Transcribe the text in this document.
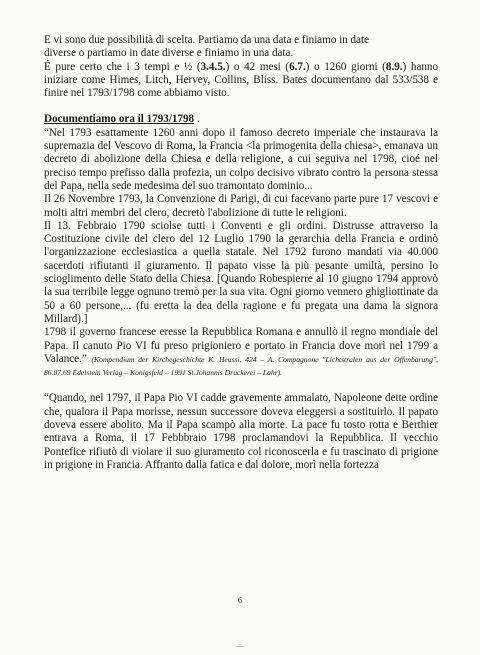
E vi sono due possibilità di scelta. Partiamo da una data e finiamo in date
diverse o partiamo in date diverse e finiamo in una data.
É pure certo che i 3 tempi e ½ (3.4.5.) o 42 mesi (6.7.) o 1260 giorni (8.9.) hanno iniziare come Himes, Litch, Hervey, Collins, Bliss. Bates documentano dal 533/538 e finire nel 1793/1798 come abbiamo visto.

Documentiamo ora il 1793/1798 .

“Nel 1793 esattamente 1260 anni dopo il famoso decreto imperiale che instaurava la supremazia del Vescovo di Roma, la Francia <la primogenita della chiesa>, emanava un decreto di abolizione della Chiesa e della religione, a cui seguiva nel 1798, cioé nel preciso tempo prefisso dalla profezia, un colpo decisivo vibrato contro la persona stessa del Papa, nella sede medesima del suo tramontato dominio...

Il 26 Novembre 1793, la Convenzione di Parigi, di cui facevano parte pure 17 vescovi e molti altri membri del clero, decretò l'abolizione di tutte le religioni.

Il 13. Febbraio 1790 sciolse tutti i Conventi e gli ordini. Distrusse attraverso la Costituzione civile del clero del 12 Luglio 1790 la gerarchia della Francia e ordinò l'organizzazione ecclesiastica a quella statale. Nel 1792 furono mandati via 40.000 sacerdoti rifiutanti il giuramento. Il papato visse la più pesante umiltà, persino lo scioglimento delle Stato della Chiesa. [Quando Robespierre al 10 giugno 1794 approvò la sua terribile legge ognuno tremò per la sua vita. Ogni giorno vennero ghigliottinate da 50 a 60 persone,... (fu eretta la dea della ragione e fu pregata una dama la signora Millard).]

1798 il governo francese eresse la Repubblica Romana e annullò il regno mondiale del Papa. Il canuto Pio VI fu preso prigioniero e portato in Francia dove morì nel 1799 a Valance.” (Kompendium der Kirchegeschichte K. Heussi, 424 – A. Compagnone "Lichtstralen aus der Offenbarung", 86.87.69 Edelstein Verlag – Konigsfeld – 1991 St.Johannis Druckerei – Lahr).

“Quando, nel 1797, il Papa Pio VI cadde gravemente ammalato, Napoleone dette ordine che, qualora il Papa morisse, nessun successore doveva eleggersi a sostituirlo. Il papato doveva essere abolito. Ma il Papa scampò alla morte. La pace fu tosto rotta e Berthier entrava a Roma, il 17 Febbbraio 1798 proclamandovi la Repubblica. Il vecchio Pontefice rifiutò di violare il suo giuramento col riconoscerla e fu trascinato di prigione in prigione in Francia. Affranto dalla fatica e dal dolore, morì nella fortezza

6
